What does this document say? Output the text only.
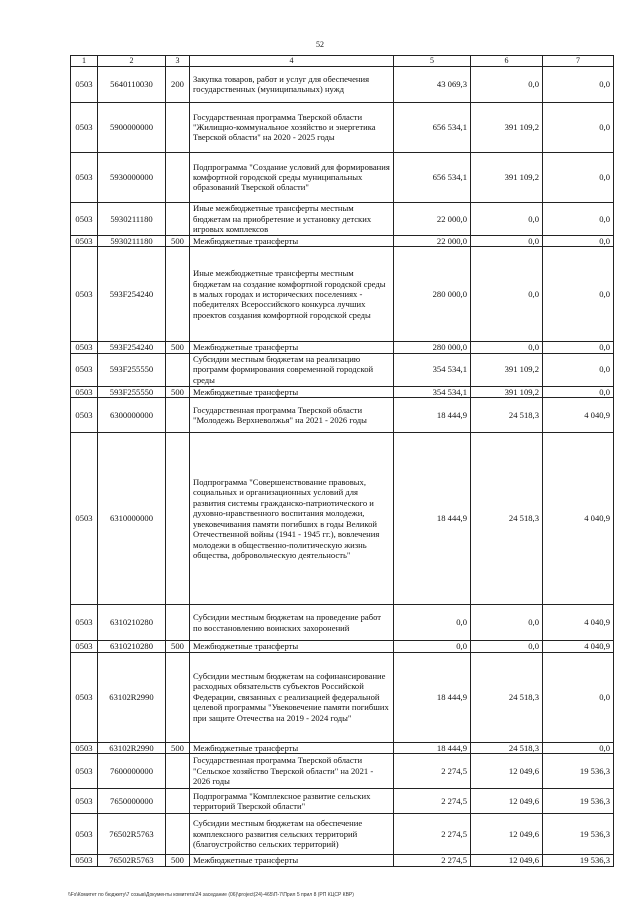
52
1	2	3	4	5	6	7
0503	5640110030	200	Закупка товаров, работ и услуг для обеспечения государственных (муниципальных) нужд	43 069,3	0,0	0,0
0503	5900000000		Государственная программа Тверской области "Жилищно-коммунальное хозяйство и энергетика Тверской области" на 2020 - 2025 годы	656 534,1	391 109,2	0,0
0503	5930000000		Подпрограмма "Создание условий для формирования комфортной городской среды муниципальных образований Тверской области"	656 534,1	391 109,2	0,0
0503	5930211180		Иные межбюджетные трансферты местным бюджетам на приобретение и установку детских игровых комплексов	22 000,0	0,0	0,0
0503	5930211180	500	Межбюджетные трансферты	22 000,0	0,0	0,0
0503	593F254240		Иные межбюджетные трансферты местным бюджетам на создание комфортной городской среды в малых городах и исторических поселениях - победителях Всероссийского конкурса лучших проектов создания комфортной городской среды	280 000,0	0,0	0,0
0503	593F254240	500	Межбюджетные трансферты	280 000,0	0,0	0,0
0503	593F255550		Субсидии местным бюджетам на реализацию программ формирования современной городской среды	354 534,1	391 109,2	0,0
0503	593F255550	500	Межбюджетные трансферты	354 534,1	391 109,2	0,0
0503	6300000000		Государственная программа Тверской области "Молодежь Верхневолжья" на 2021 - 2026 годы	18 444,9	24 518,3	4 040,9
0503	6310000000		Подпрограмма "Совершенствование правовых, социальных и организационных условий для развития системы гражданско-патриотического и духовно-нравственного воспитания молодежи, увековечивания памяти погибших в годы Великой Отечественной войны (1941 - 1945 гг.), вовлечения молодежи в общественно-политическую жизнь общества, добровольческую деятельность"	18 444,9	24 518,3	4 040,9
0503	6310210280		Субсидии местным бюджетам на проведение работ по восстановлению воинских захоронений	0,0	0,0	4 040,9
0503	6310210280	500	Межбюджетные трансферты	0,0	0,0	4 040,9
0503	63102R2990		Субсидии местным бюджетам на софинансирование расходных обязательств субъектов Российской Федерации, связанных с реализацией федеральной целевой программы "Увековечение памяти погибших при защите Отечества на 2019 - 2024 годы"	18 444,9	24 518,3	0,0
0503	63102R2990	500	Межбюджетные трансферты	18 444,9	24 518,3	0,0
0503	7600000000		Государственная программа Тверской области "Сельское хозяйство Тверской области" на 2021 - 2026 годы	2 274,5	12 049,6	19 536,3
0503	7650000000		Подпрограмма "Комплексное развитие сельских территорий Тверской области"	2 274,5	12 049,6	19 536,3
0503	76502R5763		Субсидии местным бюджетам на обеспечение комплексного развития сельских территорий (благоустройство сельских территорий)	2 274,5	12 049,6	19 536,3
0503	76502R5763	500	Межбюджетные трансферты	2 274,5	12 049,6	19 536,3
\\Fs\Комитет по бюджету\7 созыв\Документы комитета\24 заседание (06)\project(24)-465\П-7\Прил 5 прил 8 (РП КЦСР КВР)
